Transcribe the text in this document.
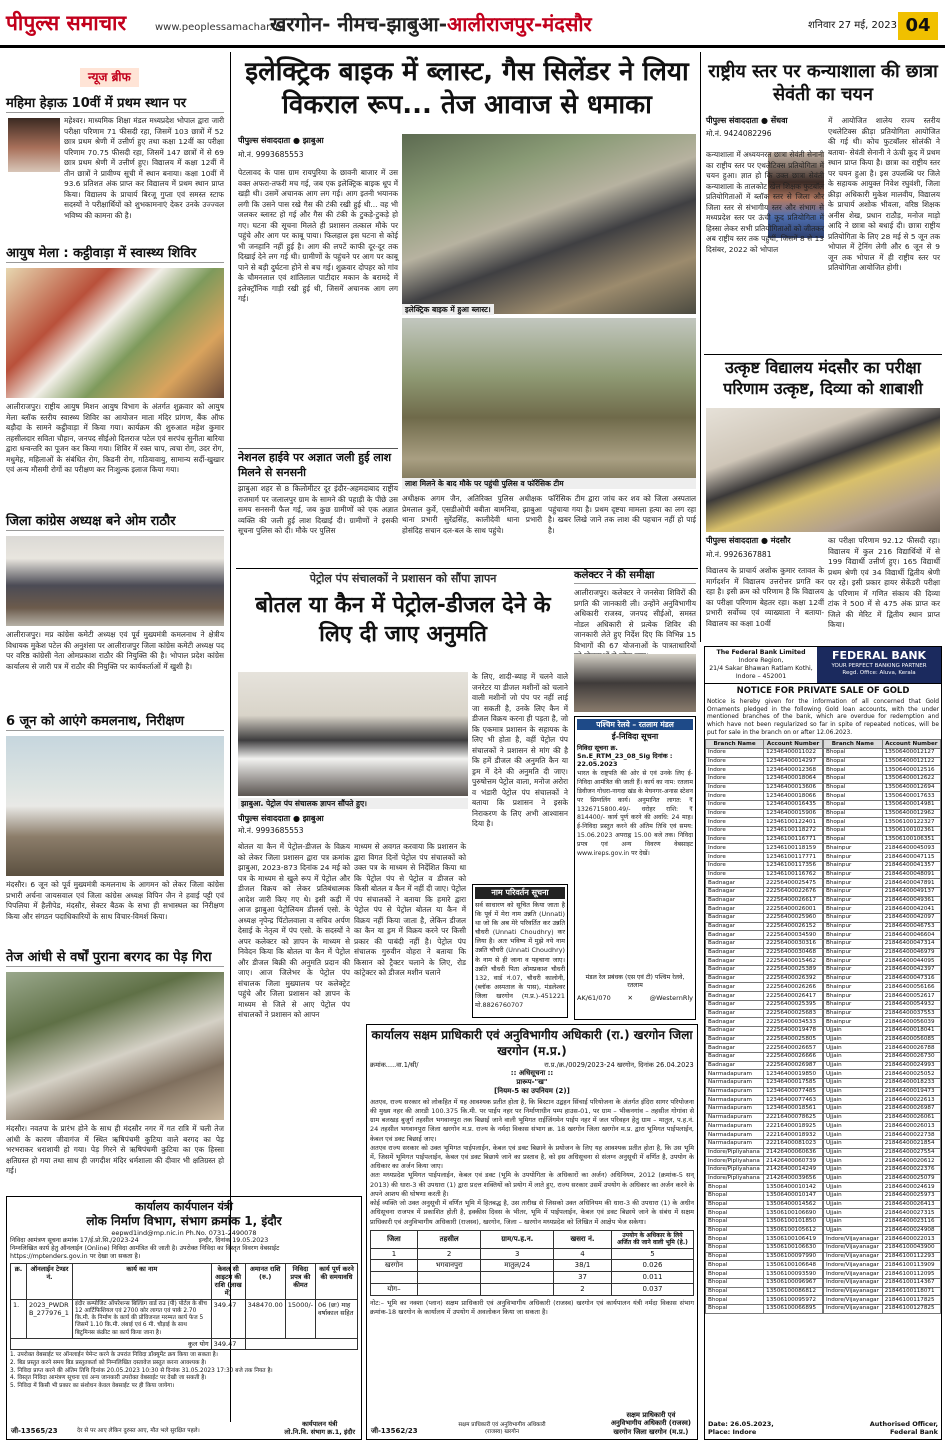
पीपुल्स समाचार	www.peoplessamachar.in
खरगोन- नीमच-झाबुआ-आलीराजपुर-मंदसौर	शनिवार 27 मई, 2023 04
न्यूज ब्रीफ
महिमा हेड़ाऊ 10वीं में प्रथम स्थान पर
महेश्वर। माध्यमिक शिक्षा मंडल मध्यप्रदेश भोपाल द्वारा जारी परीक्षा परिणाम 71 फीसदी रहा, जिसमें 103 छात्रों में 52 छात्र प्रथम श्रेणी में उत्तीर्ण हुए तथा कक्षा 12वीं का परीक्षा परिणाम 70.75 फीसदी रहा, जिसमें 147 छात्रों में से 69 छात्र प्रथम श्रेणी में उत्तीर्ण हुए। विद्यालय में कक्षा 12वीं में तीन छात्रों ने प्रावीण्य सूची में स्थान बनाया। कक्षा 10वीं में 93.6 प्रतिशत अंक प्राप्त कर विद्यालय में प्रथम स्थान प्राप्त किया। विद्यालय के प्राचार्य बिरजू गुप्ता एवं समस्त स्टाफ सदस्यों ने परीक्षार्थियों को शुभकामनाएं देकर उनके उज्ज्वल भविष्य की कामना की है।
आयुष मेला : कट्ठीवाड़ा में स्वास्थ्य शिविर
आलीराजपुर। राष्ट्रीय आयुष मिशन आयुष विभाग के अंतर्गत शुक्रवार को आयुष मेला ब्लॉक स्तरीय स्वास्थ्य शिविर का आयोजन माता मंदिर प्रांगण, बैंक ऑफ बड़ौदा के सामने कट्ठीवाड़ा में किया गया। कार्यक्रम की शुरुआत महेश कुमार तहसीलदार सविता चौहान, जनपद सीईओ दिलराज पटेल एवं सरपंच सुनीता बारिया द्वारा धन्वन्तरि का पूजन कर किया गया। शिविर में रक्त चाप, त्वचा रोग, उदर रोग, मधुमेह, महिलाओं के संबंधित रोग, किडनी रोग, गठियावायु, सामान्य सर्दी-खुखार एवं अन्य मौसमी रोगों का परीक्षण कर निःशुल्क इलाज किया गया।
जिला कांग्रेस अध्यक्ष बने ओम राठौर
आलीराजपुर। मप्र कांग्रेस कमेटी अध्यक्ष एवं पूर्व मुख्यमंत्री कमलनाथ ने क्षेत्रीय विधायक मुकेश पटेल की अनुशंसा पर आलीराजपुर जिला कांग्रेस कमेटी अध्यक्ष पद पर वरिष्ठ कांग्रेसी नेता ओमप्रकाश राठौर की नियुक्ति की है। भोपाल प्रदेश कांग्रेस कार्यालय से जारी पत्र में राठौर की नियुक्ति पर कार्यकर्ताओं में खुशी है।
6 जून को आएंगे कमलनाथ, निरीक्षण
मंदसौर। 6 जून को पूर्व मुख्यमंत्री कमलनाथ के आगमन को लेकर जिला कांग्रेस प्रभारी अर्चना जायसवाल एवं जिला कांग्रेस अध्यक्ष विपिन जैन ने हवाई पट्टी एवं पिपलिया में हैलीपेड, मंदसौर, सेक्टर बैठक के सभा ही सभास्थल का निरीक्षण किया और संगठन पदाधिकारियों के साथ विचार-विमर्श किया।
तेज आंधी से वर्षों पुराना बरगद का पेड़ गिरा
मंदसौर। नवतपा के प्रारंभ होने के साथ ही मंदसौर नगर में गत रात्रि में चली तेज आंधी के कारण जीवागंज में स्थित ऋषिपंचमी कुटिया वाले बरगद का पेड़ भरभराकर धराशायी हो गया। पेड़ गिरने से ऋषिपंचमी कुटिया का एक हिस्सा क्षतिग्रस्त हो गया तथा साथ ही जगदीश मंदिर धर्मशाला की दीवार भी क्षतिग्रस्त हो गई।
इलेक्ट्रिक बाइक में ब्लास्ट, गैस सिलेंडर ने लिया विकराल रूप... तेज आवाज से धमाका
पीपुल्स संवाददाता ● झाबुआ
मो.नं. 9993685553
पेटलावद के पास ग्राम रायपुरिया के छावनी बाजार में उस वक्त अफरा-तफरी मच गई, जब एक इलेक्ट्रिक बाइक धूप में खड़ी थी। उसमें अचानक आग लग गई। आग इतनी भयानक लगी कि उसने पास रखे गैस की टंकी रखी हुई थी... वह भी जलकर ब्लास्ट हो गई और गैस की टंकी के टुकड़े-टुकड़े हो गए। घटना की सूचना मिलते ही प्रशासन तत्काल मौके पर पहुंचे और आग पर काबू पाया। फिलहाल इस घटना से कोई भी जनहानि नहीं हुई है। आग की लपटें काफी दूर-दूर तक दिखाई देने लग गई थी। ग्रामीणों के पहुंचने पर आग पर काबू पाने से बड़ी दुर्घटना होने से बच गई। शुक्रवार दोपहर को गांव के चौमनलाल एवं शांतिलाल पाटीदार मकान के बरामदे में इलेक्ट्रॉनिक गाड़ी रखी हुई थी, जिसमें अचानक आग लग गई।
नेशनल हाईवे पर अज्ञात जली हुई लाश मिलने से सनसनी
झाबुआ शहर से 8 किलोमीटर दूर इंदौर-अहमदाबाद राष्ट्रीय राजमार्ग पर जलालपुर ग्राम के सामने की पहाड़ी के पीछे उस समय सनसनी फैल गई, जब कुछ ग्रामीणों को एक अज्ञात व्यक्ति की जली हुई लाश दिखाई दी। ग्रामीणों ने इसकी सूचना पुलिस को दी। मौके पर पुलिस
इलेक्ट्रिक बाइक में हुआ ब्लास्ट।
लाश मिलने के बाद मौके पर पहुंची पुलिस व फॉरेंसिक टीम
अधीक्षक अगम जैन, अतिरिक्त पुलिस अधीक्षक प्रेमलाल कुर्वे, एसडीओपी बबीता बामनिया, झाबुआ थाना प्रभारी सुरेंद्रसिंह, कालीदेवी थाना प्रभारी होसंदिह सचान दल-बल के साथ पहुंचे।
फॉरेंसिक टीम द्वारा जांच कर शव को जिला अस्पताल पहुंचाया गया है। प्रथम दृष्टया मामला हत्या का लग रहा है। खबर लिखे जाने तक लाश की पहचान नहीं हो पाई है।
पेट्रोल पंप संचालकों ने प्रशासन को सौंपा ज्ञापन
बोतल या कैन में पेट्रोल-डीजल देने के लिए दी जाए अनुमति
झाबुआ. पेट्रोल पंप संचालक ज्ञापन सौंपते हुए।
पीपुल्स संवाददाता ● झाबुआ
मो.नं. 9993685553
बोतल या कैन में पेट्रोल-डीजल के विक्रय को लेकर जिला प्रशासन द्वारा पत्र क्रमांक झाबुआ, 2023-873 दिनांक 24 मई को पत्र के माध्यम से खुले रूप में पेट्रोल और डीजल विक्रय को लेकर प्रतिबंधात्मक आदेश जारी किए गए थे। इसी कड़ी में आज झाबुआ पेट्रोलियम डीलर्स एसो. के अध्यक्ष नृपेन्द्र पिंटोलवाला व सचिव अर्पण देसाई के नेतृत्व में पंप एसो. के सदस्यों ने अपर कलेक्टर को ज्ञापन के माध्यम से निवेदन किया कि बोतल या कैन में पेट्रोल और डीजल बिक्री की अनुमति प्रदान की जाए। आज जिलेभर के पेट्रोल पंप संचालक जिला मुख्यालय पर कलेक्ट्रेट पहुंचे और जिला प्रशासन को ज्ञापन के माध्यम से जिले से आए पेट्रोल पंप संचालकों ने प्रशासन को आपन
माध्यम से अवगत करवाया कि प्रशासन के द्वारा विगत दिनों पेट्रोल पंप संचालकों को उक्त पत्र के माध्यम से निर्देशित किया था कि पेट्रोल पंप से पेट्रोल व डीजल को किसी बोतल व कैन में नहीं दी जाए। पेट्रोल पंप संचालकों ने बताया कि हमारे द्वारा पेट्रोल पंप से पेट्रोल बोतल या कैन में विक्रय नहीं किया जाता है, लेकिन डीजल का कैन या ड्रम में विक्रय करने पर किसी प्रकार की पाबंदी नहीं है। पेट्रोल पंप संचालक गुरुवीन वोहरा ने बताया कि किसान को ट्रैक्टर चलाने के लिए, रोड कांट्रेक्टर को डीजल मशीन चलाने
के लिए, शादी-ब्याह में चलने वाले जनरेटर या डीजल मशीनों को चलाने वाली मशीनों जो पंप पर नहीं लाई जा सकती है, उनके लिए कैन में डीजल विक्रय करना ही पड़ता है, जो कि एकमात्र प्रशासन के सहायक के लिए भी होता है, वहीं पेट्रोल पंप संचालकों ने प्रशासन से मांग की है कि हमें डीजल की अनुमति कैन या ड्रम में देने की अनुमति दी जाए। पुरुषोत्तम पेट्रोल वाला, मनोज अरोरा व भंडारी पेट्रोल पंप संचालकों ने बताया कि प्रशासन ने इसके निराकरण के लिए अभी आश्वासन दिया है।
नाम परिवर्तन सूचना
सर्व साधारण को सूचित किया जाता है कि पूर्व में मेरा नाम उन्नति (Unnati) था जो कि अब मेरे परिवर्तित कर उन्नति चौधरी (Unnati Choudhry) कर लिया है। अतः भविष्य में मुझे नये नाम उन्नति चौधरी (Unnati Choudhry) के नाम से ही जाना व पहचाना जाए। उन्नति चौधरी पिता ओमप्रकाश चौधरी 132, वार्ड नं.07, चौधरी कालोनी, (ब्लॉक अस्पताल के पास), मंडलेश्वर जिला खरगोन (म.प्र.)-451221 मो.8826760707
कलेक्टर ने की समीक्षा
आलीराजपुर। कलेक्टर ने जनसेवा शिविरों की प्रगति की जानकारी ली। उन्होंने अनुविभागीय अधिकारी राजस्व, जनपद सीईओ, समस्त नोडल अधिकारी से प्रत्येक शिविर की जानकारी लेते हुए निर्देश दिए कि विभिन्न 15 विभागों की 67 योजनाओं के पात्रताधारियों
पश्चिम रेलवे – रतलाम मंडल
ई-निविदा सूचना
निविदा सूचना क्र. Sn.E_RTM_23_08_Sig दिनांक : 22.05.2023
भारत के राष्ट्रपति की ओर से एवं उनके लिए ई-निविदा आमंत्रित की जाती हैं। कार्य का नाम: रतलाम डिवीजन गोधरा-नागदा खंड के मेघनगर-अनास स्टेशन पर सिग्नलिंग कार्य। अनुमानित लागत: ₹ 1326715800.49/- धरोहर राशि: ₹ 814400/- कार्य पूर्ण करने की अवधि: 24 माह। ई-निविदा प्रस्तुत करने की अंतिम तिथि एवं समय: 15.06.2023 अपराह्न 15.00 बजे तक। निविदा प्रपत्र एवं अन्य विवरण वेबसाइट www.ireps.gov.in पर देखें।
मंडल रेल प्रबंधक (एस एवं टी) पश्चिम रेलवे, रतलाम
AK/61/070	✕	@WesternRly
राष्ट्रीय स्तर पर कन्याशाला की छात्रा सेवंती का चयन
पीपुल्स संवाददाता ● सेंधवा
मो.नं. 9424082296
कन्याशाला में अध्ययनरत छात्रा सेवंती सेनानी का राष्ट्रीय स्तर पर एथलेटिक्स प्रतियोगिता में चयन हुआ। ज्ञात हो कि उक्त छात्रा सेवंती कन्याशाला के तालकोट खेल शिक्षक फुटबॉल प्रतियोगिताओं में ब्लॉक स्तर से जिला और जिला स्तर से संभागीय स्तर और संभाग से मध्यप्रदेश स्तर पर ऊंची कूद प्रतियोगिता में हिस्सा लेकर सभी प्रतियोगिताओं को जीतकर अब राष्ट्रीय स्तर तक पहुंचीं, जिसमें 8 से 13 दिसंबर, 2022 को भोपाल
में आयोजित शालेय राज्य स्तरीय एथलेटिक्स क्रीड़ा प्रतियोगिता आयोजित की गई थी। कोच फुटबॉलर सोलंकी ने बताया- सेवंती सेनानी ने ऊंची कूद में प्रथम स्थान प्राप्त किया है। छात्रा का राष्ट्रीय स्तर पर चयन हुआ है। इस उपलब्धि पर जिले के सहायक आयुक्त निवेश रघुवंशी, जिला क्रीड़ा अधिकारी मुकेश मालवीय, विद्यालय के प्राचार्य अशोक भीवला, वरिष्ठ शिक्षक अनीस शेख, प्रधान राठौड़, मनोज माड़ो आदि ने छात्रा को बधाई दी। छात्रा राष्ट्रीय प्रतियोगिता के लिए 28 मई से 5 जून तक भोपाल में ट्रेनिंग लेगी और 6 जून से 9 जून तक भोपाल में ही राष्ट्रीय स्तर पर प्रतियोगिता आयोजित होगी।
उत्कृष्ट विद्यालय मंदसौर का परीक्षा परिणाम उत्कृष्ट, दिव्या को शाबाशी
पीपुल्स संवाददाता ● मंदसौर
मो.नं. 9926367881
विद्यालय के प्राचार्य अशोक कुमार रतावत के मार्गदर्शन में विद्यालय उत्तरोत्तर प्रगति कर रहा है। इसी क्रम को परिणाम है कि विद्यालय का परीक्षा परिणाम बेहतर रहा। कक्षा 12वीं प्रभारी सर्वोच्च एवं व्याख्याता ने बताया- विद्यालय का कक्षा 10वीं
का परीक्षा परिणाम 92.12 फीसदी रहा। विद्यालय में कुल 216 विद्यार्थियों में से 199 विद्यार्थी उत्तीर्ण हुए। 165 विद्यार्थी प्रथम श्रेणी एवं 34 विद्यार्थी द्वितीय श्रेणी पर रहे। इसी प्रकार हायर सेकेंडरी परीक्षा के परिणाम में गणित संकाय की दिव्या टांक ने 500 में से 475 अंक प्राप्त कर जिले की मेरिट में द्वितीय स्थान प्राप्त किया।
The Federal Bank Limited
Indore Region,
21/4 Sakar Bhawan Ratlam Kothi,
Indore – 452001
FEDERAL BANK
YOUR PERFECT BANKING PARTNER
Regd. Office: Aluva, Kerala
NOTICE FOR PRIVATE SALE OF GOLD
Notice is hereby given for the information of all concerned that Gold Ornaments pledged in the following Gold loan accounts, with the under mentioned branches of the bank, which are overdue for redemption and which have not been regularized so far in spite of repeated notices, will be put for sale in the branch on or after 12.06.2023.
Branch Name	Account Number
Indore	12346400011022
Indore	12346400014297
Indore	12346400012368
Indore	12346400018064
Indore	12346400013606
Indore	12346400018066
Indore	12346400016435
Indore	12346400015906
Indore	12346100122401
Indore	12346100118272
Indore	12346100116771
Indore	12346100118159
Indore	12346100117771
Indore	12346100117356
Indore	12346100116762
Badnagar	22256400025475
Badnagar	22256400022676
Badnagar	22256400026617
Badnagar	22256400026001
Badnagar	22256400025960
Badnagar	22256400026152
Badnagar	22256400034590
Badnagar	22256400030316
Badnagar	22256400030468
Badnagar	22256400015462
Badnagar	22256400025389
Badnagar	22256400026392
Badnagar	22256400026266
Badnagar	22256400026417
Badnagar	22256400025395
Badnagar	22256400025683
Badnagar	22256400034533
Badnagar	22256400019478
Badnagar	22256400025805
Badnagar	22256400026657
Badnagar	22256400026666
Badnagar	22256400026987
Narmadapuram	12346400019850
Narmadapuram	12346400017585
Narmadapuram	12346400077485
Narmadapuram	12346400077463
Narmadapuram	12346400018561
Narmadapuram	22216400078625
Narmadapuram	22216400018925
Narmadapuram	22216400018932
Narmadapuram	22216400081023
Indore/Pipliyahana	21426400060636
Indore/Pipliyahana	21426400060739
Indore/Pipliyahana	21426400014249
Indore/Pipliyahana	21426400039656
Bhopal	13506400010142
Bhopal	13506400010147
Bhopal	13506400014562
Bhopal	13506100106690
Bhopal	13506100101850
Bhopal	13506100105612
Bhopal	13506100106419
Bhopal	13506100106630
Bhopal	13506100097990
Bhopal	13506100106648
Bhopal	13506100093590
Bhopal	13506100096967
Bhopal	13506100086812
Bhopal	13506100095972
Bhopal	13506100066895
Branch Name	Account Number
Bhopal	13506400012127
Bhopal	13506400012122
Bhopal	13506400012516
Bhopal	13506400012622
Bhopal	13506400012694
Bhopal	13506400017633
Bhopal	13506400014981
Bhopal	13506400012962
Bhopal	13506100122327
Bhopal	13506100102361
Bhopal	13506100106351
Bhainpur	21846400045093
Bhainpur	21846400047115
Bhainpur	21846400041357
Bhainpur	21846400048091
Bhainpur	21846400047891
Bhainpur	21846400049137
Bhainpur	21846400049361
Bhainpur	21846400042041
Bhainpur	21846400042097
Bhainpur	21846400046753
Bhainpur	21846400046604
Bhainpur	21846400047314
Bhainpur	21846400046979
Bhainpur	21846400044095
Bhainpur	21846400042397
Bhainpur	21846400047316
Bhainpur	21846400056166
Bhainpur	21846400052617
Bhainpur	21846400054932
Bhainpur	21846400037553
Bhainpur	21846400056039
Ujjain	21846400018041
Ujjain	21846400056085
Ujjain	21846400026788
Ujjain	21846400026730
Ujjain	21846400024993
Ujjain	21846400025052
Ujjain	21846400018233
Ujjain	21846400019473
Ujjain	21846400022613
Ujjain	21846400026987
Ujjain	21846400026061
Ujjain	21846400026013
Ujjain	21846400022738
Ujjain	21846400021854
Ujjain	21846400027554
Ujjain	21846400020612
Ujjain	21846400022376
Ujjain	21846400025079
Ujjain	21846400024619
Ujjain	21846400025973
Ujjain	21846400026413
Ujjain	21846400027315
Ujjain	21846400023116
Ujjain	21846400024908
Indore/Vijayanagar	21846400022013
Indore/Vijayanagar	21846100043900
Indore/Vijayanagar	21846100112293
Indore/Vijayanagar	21846100113909
Indore/Vijayanagar	21846100112095
Indore/Vijayanagar	21846100114367
Indore/Vijayanagar	21846100118071
Indore/Vijayanagar	21846100117825
Indore/Vijayanagar	21846100127825
Date: 26.05.2023,
Place: Indore
Authorised Officer,
Federal Bank
कार्यालय कार्यपालन यंत्री
लोक निर्माण विभाग, संभाग क्रमांक 1, इंदौर
eepwd1ind@mp.nic.in Ph.No. 0731-2490078
निविदा आमंत्रण सूचना क्रमांक 17/ई.प्रो.सि./2023-24                              इन्दौर, दिनांक 19.05.2023
निम्नलिखित कार्य हेतु ऑनलाईन (Online) निविदा आमंत्रित की जाती है। उपरोक्त निविदा का विस्तृत विवरण वेबसाईट https://mptenders.gov.in पर देखा जा सकता है।
क्र.	ऑनलाईन टेण्डर नं.	कार्य का नाम	केवल सी आइटम की राशि (लाख में)	अमानत राशि (रु.)	निविदा प्रपत्र की कीमत	कार्य पूर्ण करने की समयावधि
1.	2023_PWDRB_277976_1	इंदौर कम्पोजिट ऑपरेशन्स बिल्डिंग वार्ड राउ (पी) पोर्टल के बीच 12 आर्टिफिशियल एवं 2700 कोर लागत एवं पार्क 2.70 कि.मी. के निर्माण के कार्य की प्रोविजनल मरम्मत कार्य फेज 5 जिसमें 1.10 कि.मी. लंबाई एवं 6 मी. चौड़ाई के साथ बिटुमिनस कंक्रीट का कार्य किया जाना है।	349.47	348470.00	15000/-	06 (छः) माह वर्षाकाल सहित
कुल योग			349.47			
1. उपरोक्त वेबसाईट पर ऑनलाईन पेमेन्ट करने के उपरांत निविदा डॉक्यूमेंट क्रय किया जा सकता है।
2. बिड प्रस्तुत करने समय बिड प्रस्तुतकर्ता को निम्नलिखित दस्तावेज प्रस्तुत करना आवश्यक है।
3. निविदा प्राप्त करने की अंतिम तिथि दिनांक 20.05.2023 10:30 से दिनांक 31.05.2023 17:30 बजे तक नियत है।
4. विस्तृत निविदा आमंत्रण सूचना एवं अन्य जानकारी उपरोक्त वेबसाईट पर देखी जा सकती है।
5. निविदा में किसी भी प्रकार का संशोधन केवल वेबसाईट पर ही किया जायेगा।
जी-13565/23	देर से पर आए लेकिन दुरुस्त आए, मौत भले सुरक्षित पहले।
कार्यपालन यंत्री
लो.नि.वि. संभाग क्र.1, इंदौर
कार्यालय सक्षम प्राधिकारी एवं अनुविभागीय अधिकारी (रा.) खरगोन जिला खरगोन (म.प्र.)
क्रमांक.....वा.1/सी/	रा.प्र./क्र./0029/2023-24 खरगोन, दिनांक 26.04.2023
:: अधिसूचना ::
प्रारूप-"ख"
[नियम-5 का उपनियम (2)]
अतएव, राज्य सरकार को लोकहित में यह आवश्यक प्रतीत होता है, कि बिस्टान उद्वहन सिंचाई परियोजना के अंतर्गत इंदिरा सागर परियोजना की मुख्य नहर की आरडी 100.375 कि.मी. पर पाईप नहर पर निर्माणाधीन पम्प हाउस-01, पर ग्राम – भीकनगांव – तहसील गोगांवा से ग्राम बलखड़ बुजुर्ग तहसील भगवानपुरा तक बिछाई जाने वाली भूमिगत राईजिंगमेन पाईप नहर में जल परिवहन हेतु ग्राम – मातुल, प.ह.नं. 24 तहसील भगवानपुरा जिला खरगोन म.प्र. राज्य के नर्मदा विकास संभाग क्र. 18 खरगोन जिला खरगोन म.प्र. द्वारा भूमिगत पाईपलाईन, केबल एवं डक्ट बिछाई जाए।
अतएव राज्य सरकार को उक्त भूमिगत पाईपलाईन, केबल एवं डक्ट बिछाने के प्रयोजन के लिए यह आवश्यक प्रतीत होता है, कि उस भूमि में, जिसमें भूमिगत पाईपलाईन, केबल एवं डक्ट बिछाये जाने का प्रस्ताव है, को इस अधिसूचना से संलग्न अनुसूची में वर्णित है, उपयोग के अधिकार का अर्जन किया जाए।
अतः मध्यप्रदेश भूमिगत पाईपलाईन, केबल एवं डक्ट (भूमि के उपयोगिता के अधिकारों का अर्जन) अधिनियम, 2012 (क्रमांक-5 सन् 2013) की धारा-3 की उपधारा (1) द्वारा प्रदत्त शक्तियों को प्रयोग में लाते हुए, राज्य सरकार उसमें उपयोग के अधिकार का अर्जन करने के अपने आशय की घोषणा करती है।
कोई व्यक्ति जो उक्त अनुसूची में वर्णित भूमि में हितबद्ध है, उस तारीख से जिसको उक्त अधिनियम की धारा-3 की उपधारा (1) के अधीन अधिसूचना राजपत्र में प्रकाशित होती है, इक्कीस दिवस के भीतर, भूमि में पाईपलाईन, केबल एवं डक्ट बिछाये जाने के संबंध में सक्षम प्राधिकारी एवं अनुविभागीय अधिकारी (राजस्व), खरगोन, जिला – खरगोन मध्यप्रदेश को लिखित में आक्षेप भेज सकेगा।
जिला	तहसील	ग्राम/प.ह.न.	खसरा नं.	उपयोग के अधिकार के लिये अर्जित की जाने वाली भूमि (हे.)
1	2	3	4	5
खरगोन	भगवानपुरा	मातुल/24	38/1	0.026
			37	0.011
योग–			2	0.037
नोट:– भूमि का नक्शा (प्लान) सक्षम प्राधिकारी एवं अनुविभागीय अधिकारी (राजस्व) खरगोन एवं कार्यपालन यंत्री नर्मदा विकास संभाग क्रमांक-18 खरगोन के कार्यालय में उपयोग में अवलोकन किया जा सकता है।
जी-13562/23
सक्षम प्राधिकारी एवं अनुविभागीय अधिकारी (राजस्व) खरगोन
सक्षम प्राधिकारी एवं
अनुविभागीय अधिकारी (राजस्व)
खरगोन जिला खरगोन (म.प्र.)
